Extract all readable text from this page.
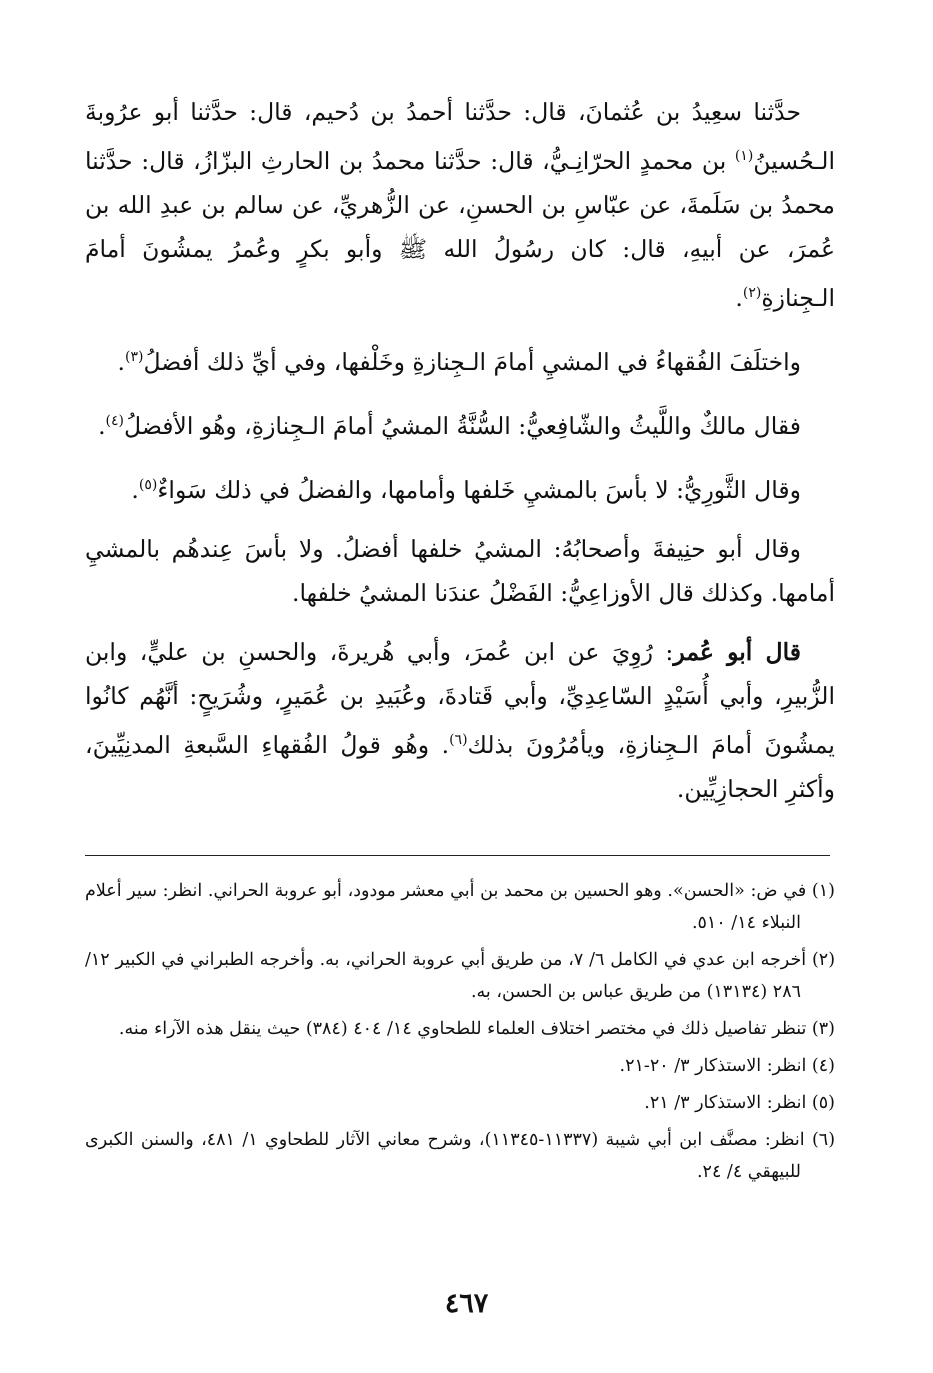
حدَّثنا سعِيدُ بن عُثمانَ، قال: حدَّثنا أحمدُ بن دُحيم، قال: حدَّثنا أبو عرُوبةَ الـحُسينُ$^{(١)}$ بن محمدٍ الحرّانِـيُّ، قال: حدَّثنا محمدُ بن الحارثِ البزّازُ، قال: حدَّثنا محمدُ بن سَلَمةَ، عن عبّاسِ بن الحسنِ، عن الزُّهريِّ، عن سالم بن عبدِ الله بن عُمرَ، عن أبيهِ، قال: كان رسُولُ الله ﷺ وأبو بكرٍ وعُمرُ يمشُونَ أمامَ الـجِنازةِ$^{(٢)}$.

واختلَفَ الفُقهاءُ في المشيِ أمامَ الـجِنازةِ وخَلْفها، وفي أيِّ ذلك أفضلُ$^{(٣)}$.

فقال مالكٌ واللَّيثُ والشّافِعيُّ: السُّنَّةُ المشيُ أمامَ الـجِنازةِ، وهُو الأفضلُ$^{(٤)}$.

وقال الثَّورِيُّ: لا بأسَ بالمشيِ خَلفها وأمامها، والفضلُ في ذلك سَواءٌ$^{(٥)}$.

وقال أبو حنِيفةَ وأصحابُهُ: المشيُ خلفها أفضلُ. ولا بأسَ عِندهُم بالمشيِ أمامها. وكذلك قال الأوزاعِيُّ: الفَضْلُ عندَنا المشيُ خلفها.

قال أبو عُمر: رُوِيَ عن ابن عُمرَ، وأبي هُريرةَ، والحسنِ بن عليٍّ، وابن الزُّبيرِ، وأبي أُسَيْدٍ السّاعِدِيِّ، وأبي قَتادةَ، وعُبَيدِ بن عُمَيرٍ، وشُرَيحٍ: أنَّهُم كانُوا يمشُونَ أمامَ الـجِنازةِ، ويأمُرُونَ بذلك$^{(٦)}$. وهُو قولُ الفُقهاءِ السَّبعةِ المدنِيِّينَ، وأكثرِ الحجازِيِّين.

(١) في ض: «الحسن». وهو الحسين بن محمد بن أبي معشر مودود، أبو عروبة الحراني. انظر: سير أعلام النبلاء ١٤/ ٥١٠.

(٢) أخرجه ابن عدي في الكامل ٦/ ٧، من طريق أبي عروبة الحراني، به. وأخرجه الطبراني في الكبير ١٢/ ٢٨٦ (١٣١٣٤) من طريق عباس بن الحسن، به.

(٣) تنظر تفاصيل ذلك في مختصر اختلاف العلماء للطحاوي ١٤/ ٤٠٤ (٣٨٤) حيث ينقل هذه الآراء منه.

(٤) انظر: الاستذكار ٣/ ٢٠-٢١.

(٥) انظر: الاستذكار ٣/ ٢١.

(٦) انظر: مصنَّف ابن أبي شيبة (١١٣٣٧-١١٣٤٥)، وشرح معاني الآثار للطحاوي ١/ ٤٨١، والسنن الكبرى للبيهقي ٤/ ٢٤.

٤٦٧
